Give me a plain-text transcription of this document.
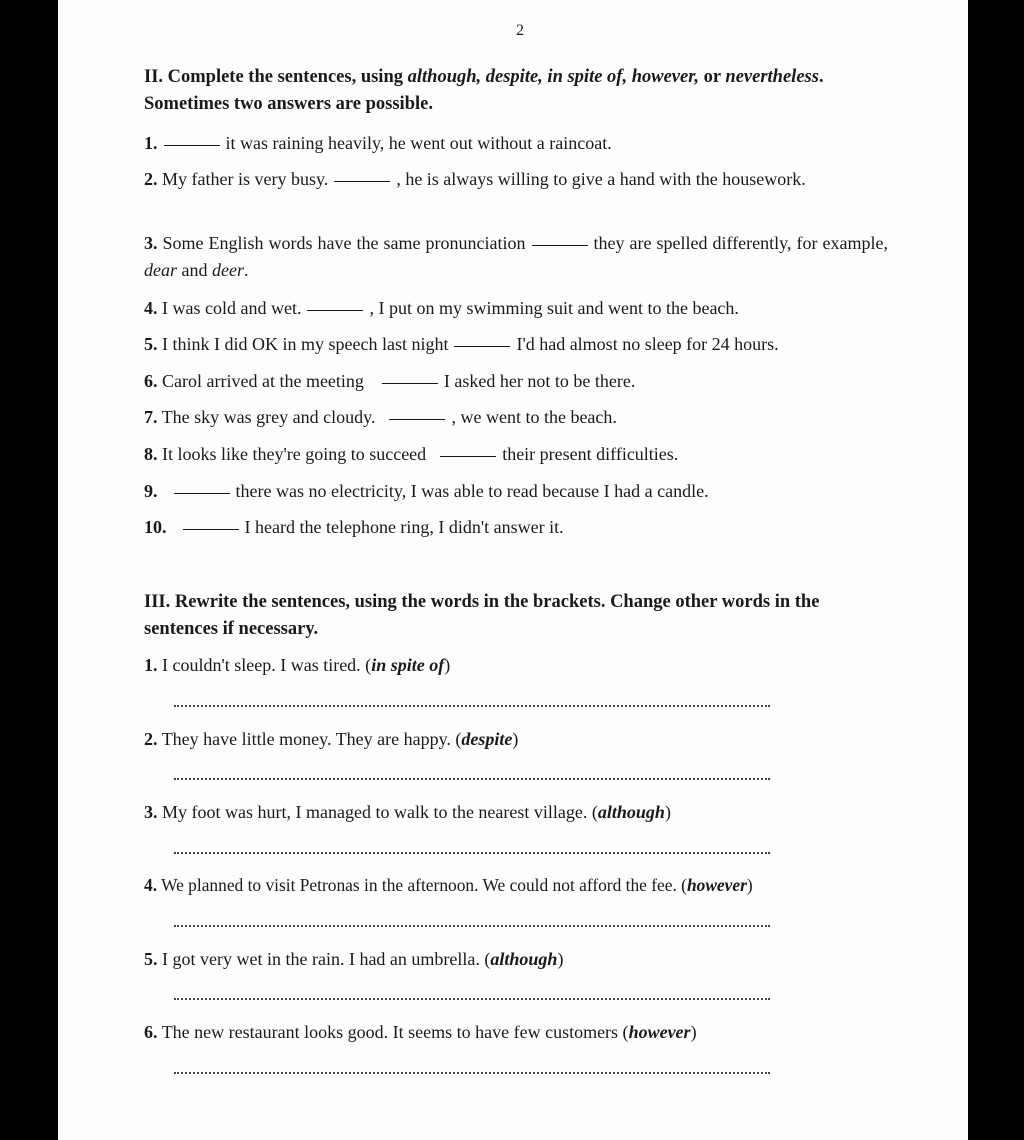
2
II. Complete the sentences, using although, despite, in spite of, however, or nevertheless. Sometimes two answers are possible.
1.	it was raining heavily, he went out without a raincoat.
2. My father is very busy.	, he is always willing to give a hand with the housework.
3. Some English words have the same pronunciation	they are spelled differently, for example, dear and deer.
4. I was cold and wet.	, I put on my swimming suit and went to the beach.
5. I think I did OK in my speech last night	I'd had almost no sleep for 24 hours.
6. Carol arrived at the meeting	I asked her not to be there.
7. The sky was grey and cloudy.	, we went to the beach.
8. It looks like they're going to succeed	their present difficulties.
9.	there was no electricity, I was able to read because I had a candle.
10.	I heard the telephone ring, I didn't answer it.
III. Rewrite the sentences, using the words in the brackets. Change other words in the sentences if necessary.
1. I couldn't sleep. I was tired. (in spite of)
2. They have little money. They are happy. (despite)
3. My foot was hurt, I managed to walk to the nearest village. (although)
4. We planned to visit Petronas in the afternoon. We could not afford the fee. (however)
5. I got very wet in the rain. I had an umbrella. (although)
6. The new restaurant looks good. It seems to have few customers (however)
